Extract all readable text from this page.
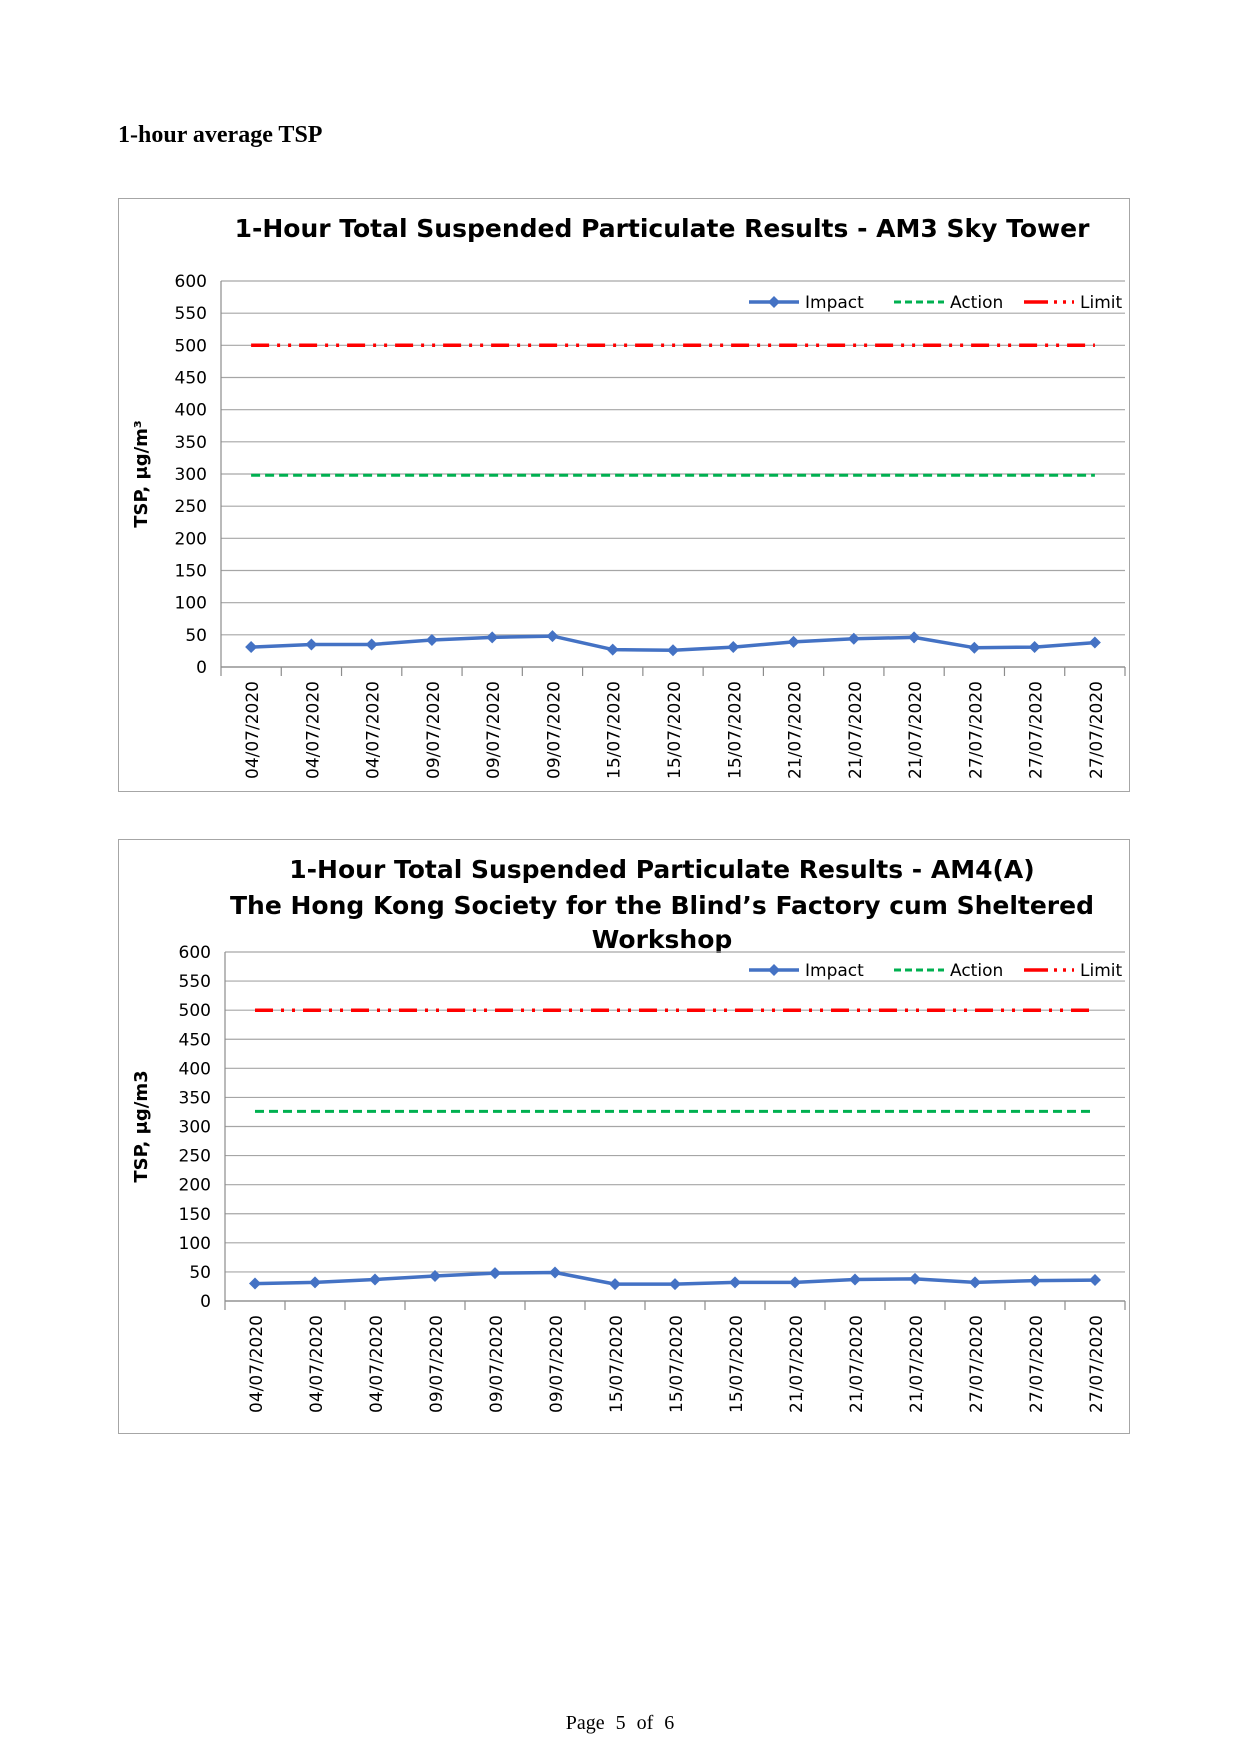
1-hour average TSP
1-Hour Total Suspended Particulate Results - AM3 Sky Tower
0
50
100
150
200
250
300
350
400
450
500
550
600
04/07/2020 04/07/2020 04/07/2020 09/07/2020 09/07/2020 09/07/2020 15/07/2020 15/07/2020 15/07/2020 21/07/2020 21/07/2020 21/07/2020 27/07/2020 27/07/2020 27/07/2020
TSP, μg/m³
Impact	Action	Limit
1-Hour Total Suspended Particulate Results - AM4(A)
The Hong Kong Society for the Blind’s Factory cum Sheltered
Workshop
0
50
100
150
200
250
300
350
400
450
500
550
600
04/07/2020 04/07/2020 04/07/2020 09/07/2020 09/07/2020 09/07/2020 15/07/2020 15/07/2020 15/07/2020 21/07/2020 21/07/2020 21/07/2020 27/07/2020 27/07/2020 27/07/2020
TSP, μg/m3
Impact	Action	Limit
Page 5 of 6
